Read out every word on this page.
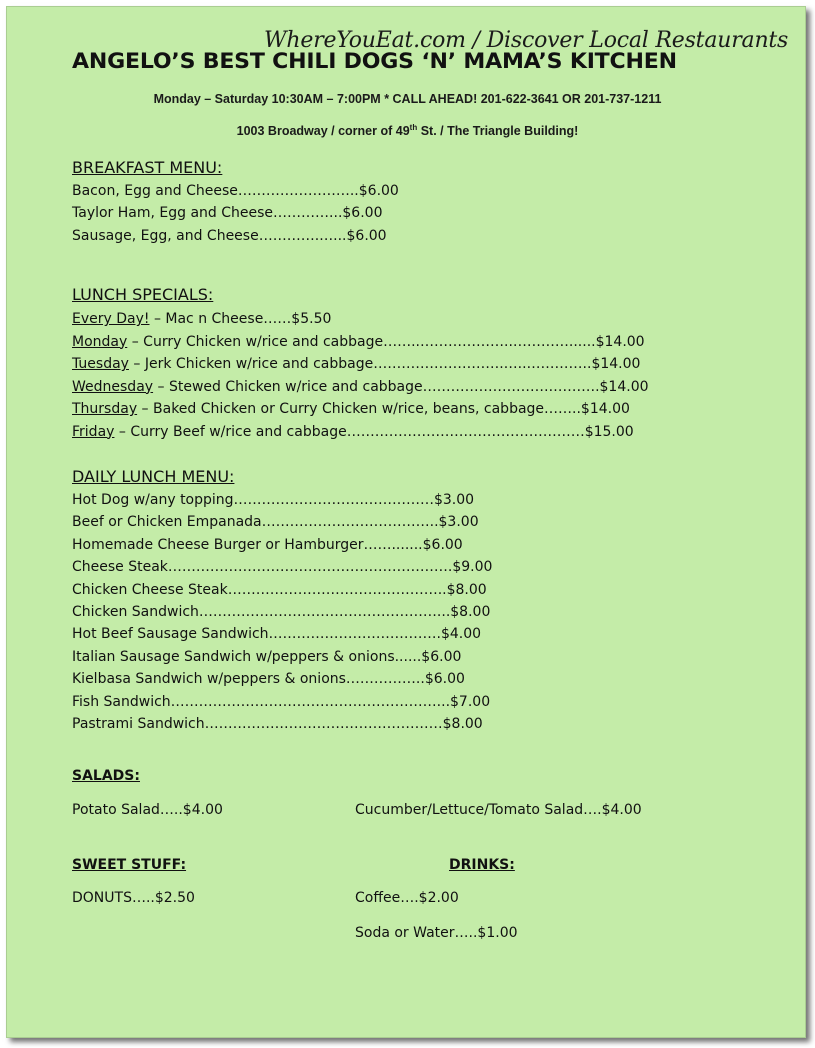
WhereYouEat.com / Discover Local Restaurants
ANGELO’S BEST CHILI DOGS ‘N’ MAMA’S KITCHEN
Monday – Saturday 10:30AM – 7:00PM * CALL AHEAD! 201-622-3641 OR 201-737-1211
1003 Broadway / corner of 49th St. / The Triangle Building!
BREAKFAST MENU:
Bacon, Egg and Cheese……………………..$6.00
Taylor Ham, Egg and Cheese…………...$6.00
Sausage, Egg, and Cheese………….…...$6.00
LUNCH SPECIALS:
Every Day! – Mac n Cheese……$5.50
Monday – Curry Chicken w/rice and cabbage……..………………..…………......$14.00
Tuesday – Jerk Chicken w/rice and cabbage……………………….…..…………..$14.00
Wednesday – Stewed Chicken w/rice and cabbage……………………….……….$14.00
Thursday – Baked Chicken or Curry Chicken w/rice, beans, cabbage……..$14.00
Friday – Curry Beef w/rice and cabbage……………………………………………$15.00
DAILY LUNCH MENU:
Hot Dog w/any topping……………………….……………$3.00
Beef or Chicken Empanada………………………………..$3.00
Homemade Cheese Burger or Hamburger…….......$6.00
Cheese Steak…………………………………………………….$9.00
Chicken Cheese Steak………………………………………..$8.00
Chicken Sandwich……………………………………………...$8.00
Hot Beef Sausage Sandwich……………………………….$4.00
Italian Sausage Sandwich w/peppers & onions......$6.00
Kielbasa Sandwich w/peppers & onions……………..$6.00
Fish Sandwich…………………………………………………...$7.00
Pastrami Sandwich……………………………………………$8.00
SALADS:
Potato Salad…..$4.00	Cucumber/Lettuce/Tomato Salad….$4.00
SWEET STUFF:	DRINKS:
DONUTS…..$2.50	Coffee….$2.00
Soda or Water…..$1.00
